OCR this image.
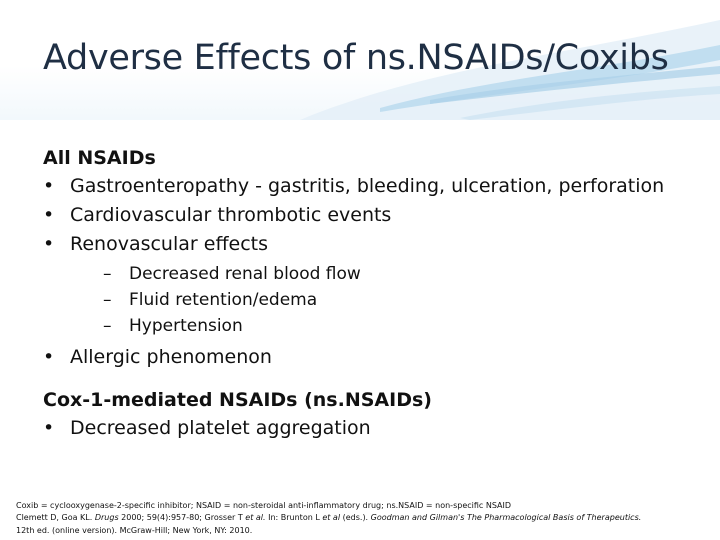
Adverse Effects of ns.NSAIDs/Coxibs
All NSAIDs
• Gastroenteropathy - gastritis, bleeding, ulceration, perforation
• Cardiovascular thrombotic events
• Renovascular effects
– Decreased renal blood flow
– Fluid retention/edema
– Hypertension
• Allergic phenomenon
Cox-1-mediated NSAIDs (ns.NSAIDs)
• Decreased platelet aggregation

Coxib = cyclooxygenase-2-specific inhibitor; NSAID = non-steroidal anti-inflammatory drug; ns.NSAID = non-specific NSAID

Clemett D, Goa KL. Drugs 2000; 59(4):957-80; Grosser T et al. In: Brunton L et al (eds.). Goodman and Gilman's The Pharmacological Basis of Therapeutics.

12th ed. (online version). McGraw-Hill; New York, NY: 2010.
